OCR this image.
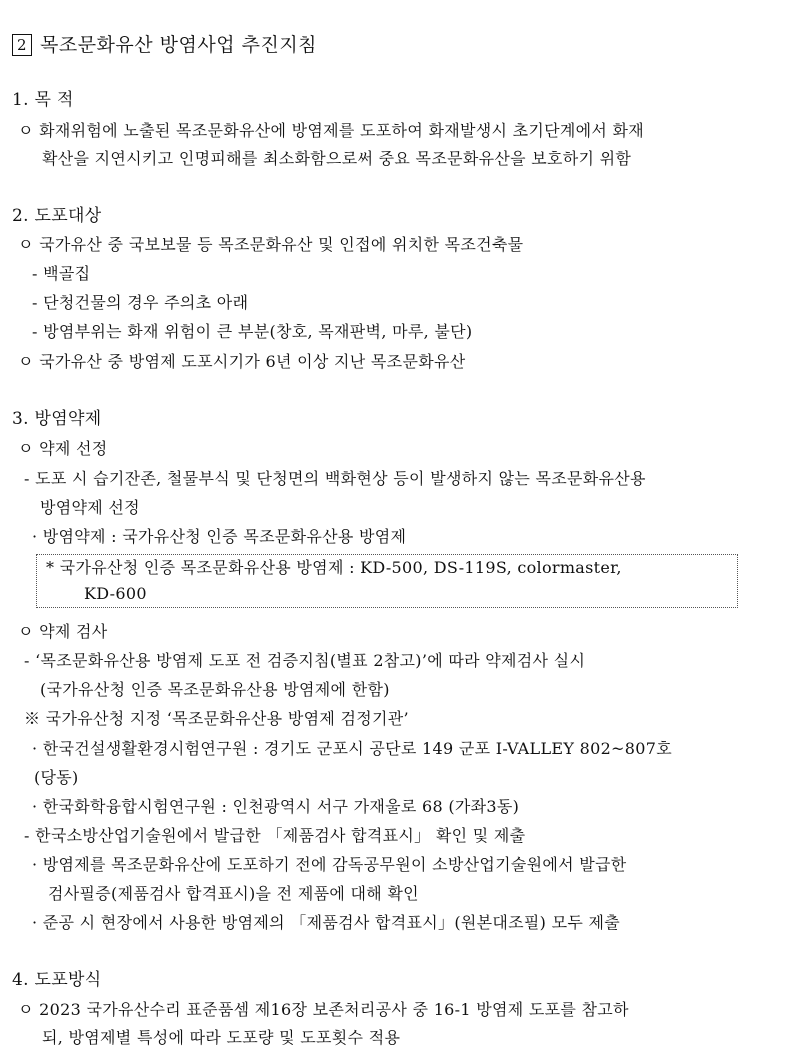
2 목조문화유산 방염사업 추진지침
1. 목 적
ㅇ 화재위험에 노출된 목조문화유산에 방염제를 도포하여 화재발생시 초기단계에서 화재
확산을 지연시키고 인명피해를 최소화함으로써 중요 목조문화유산을 보호하기 위함
2. 도포대상
ㅇ 국가유산 중 국보보물 등 목조문화유산 및 인접에 위치한 목조건축물
- 백골집
- 단청건물의 경우 주의초 아래
- 방염부위는 화재 위험이 큰 부분(창호, 목재판벽, 마루, 불단)
ㅇ 국가유산 중 방염제 도포시기가 6년 이상 지난 목조문화유산
3. 방염약제
ㅇ 약제 선정
- 도포 시 습기잔존, 철물부식 및 단청면의 백화현상 등이 발생하지 않는 목조문화유산용
방염약제 선정
· 방염약제 : 국가유산청 인증 목조문화유산용 방염제
* 국가유산청 인증 목조문화유산용 방염제 : KD-500, DS-119S, colormaster,
KD-600
ㅇ 약제 검사
- ‘목조문화유산용 방염제 도포 전 검증지침(별표 2참고)’에 따라 약제검사 실시
(국가유산청 인증 목조문화유산용 방염제에 한함)
※ 국가유산청 지정 ‘목조문화유산용 방염제 검정기관’
· 한국건설생활환경시험연구원 : 경기도 군포시 공단로 149 군포 I-VALLEY 802~807호
(당동)
· 한국화학융합시험연구원 : 인천광역시 서구 가재울로 68 (가좌3동)
- 한국소방산업기술원에서 발급한 「제품검사 합격표시」 확인 및 제출
· 방염제를 목조문화유산에 도포하기 전에 감독공무원이 소방산업기술원에서 발급한
검사필증(제품검사 합격표시)을 전 제품에 대해 확인
· 준공 시 현장에서 사용한 방염제의 「제품검사 합격표시」(원본대조필) 모두 제출
4. 도포방식
ㅇ 2023 국가유산수리 표준품셈 제16장 보존처리공사 중 16-1 방염제 도포를 참고하
되, 방염제별 특성에 따라 도포량 및 도포횟수 적용
